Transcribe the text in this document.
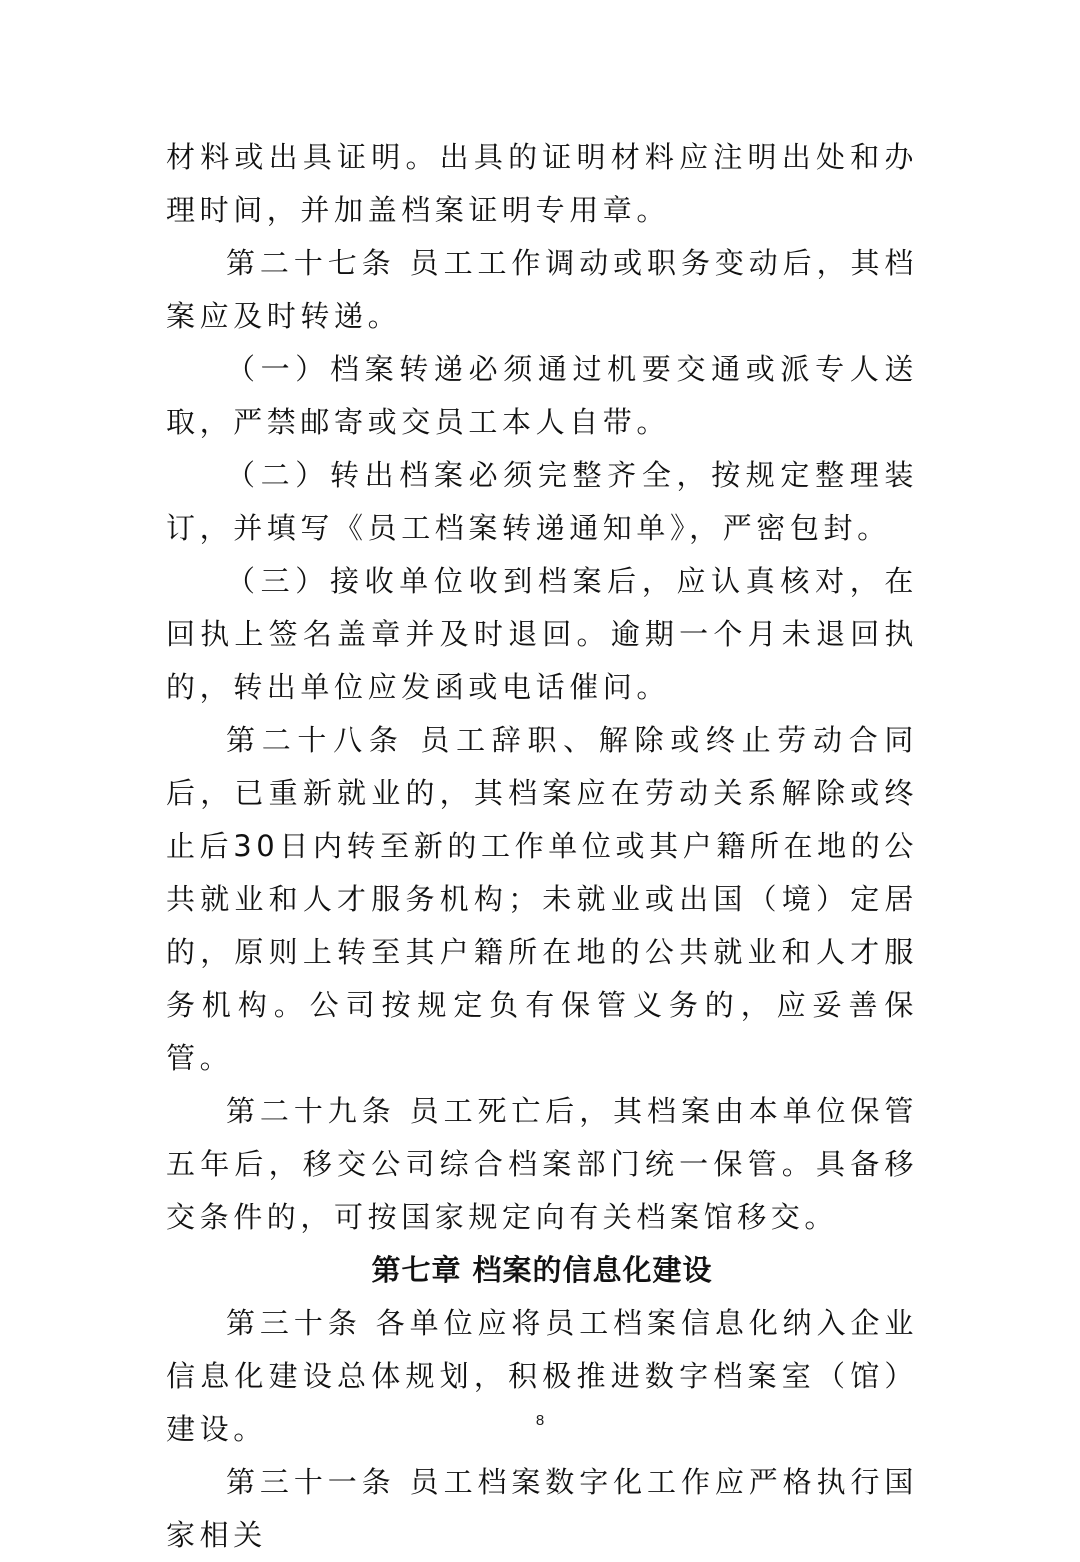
材料或出具证明。出具的证明材料应注明出处和办理时间，并加盖档案证明专用章。

第二十七条 员工工作调动或职务变动后，其档案应及时转递。

（一）档案转递必须通过机要交通或派专人送取，严禁邮寄或交员工本人自带。

（二）转出档案必须完整齐全，按规定整理装订，并填写《员工档案转递通知单》，严密包封。

（三）接收单位收到档案后，应认真核对，在回执上签名盖章并及时退回。逾期一个月未退回执的，转出单位应发函或电话催问。

第二十八条 员工辞职、解除或终止劳动合同后，已重新就业的，其档案应在劳动关系解除或终止后30日内转至新的工作单位或其户籍所在地的公共就业和人才服务机构；未就业或出国（境）定居的，原则上转至其户籍所在地的公共就业和人才服务机构。公司按规定负有保管义务的，应妥善保管。

第二十九条 员工死亡后，其档案由本单位保管五年后，移交公司综合档案部门统一保管。具备移交条件的，可按国家规定向有关档案馆移交。

第七章 档案的信息化建设

第三十条 各单位应将员工档案信息化纳入企业信息化建设总体规划，积极推进数字档案室（馆）建设。

第三十一条 员工档案数字化工作应严格执行国家相关

8
